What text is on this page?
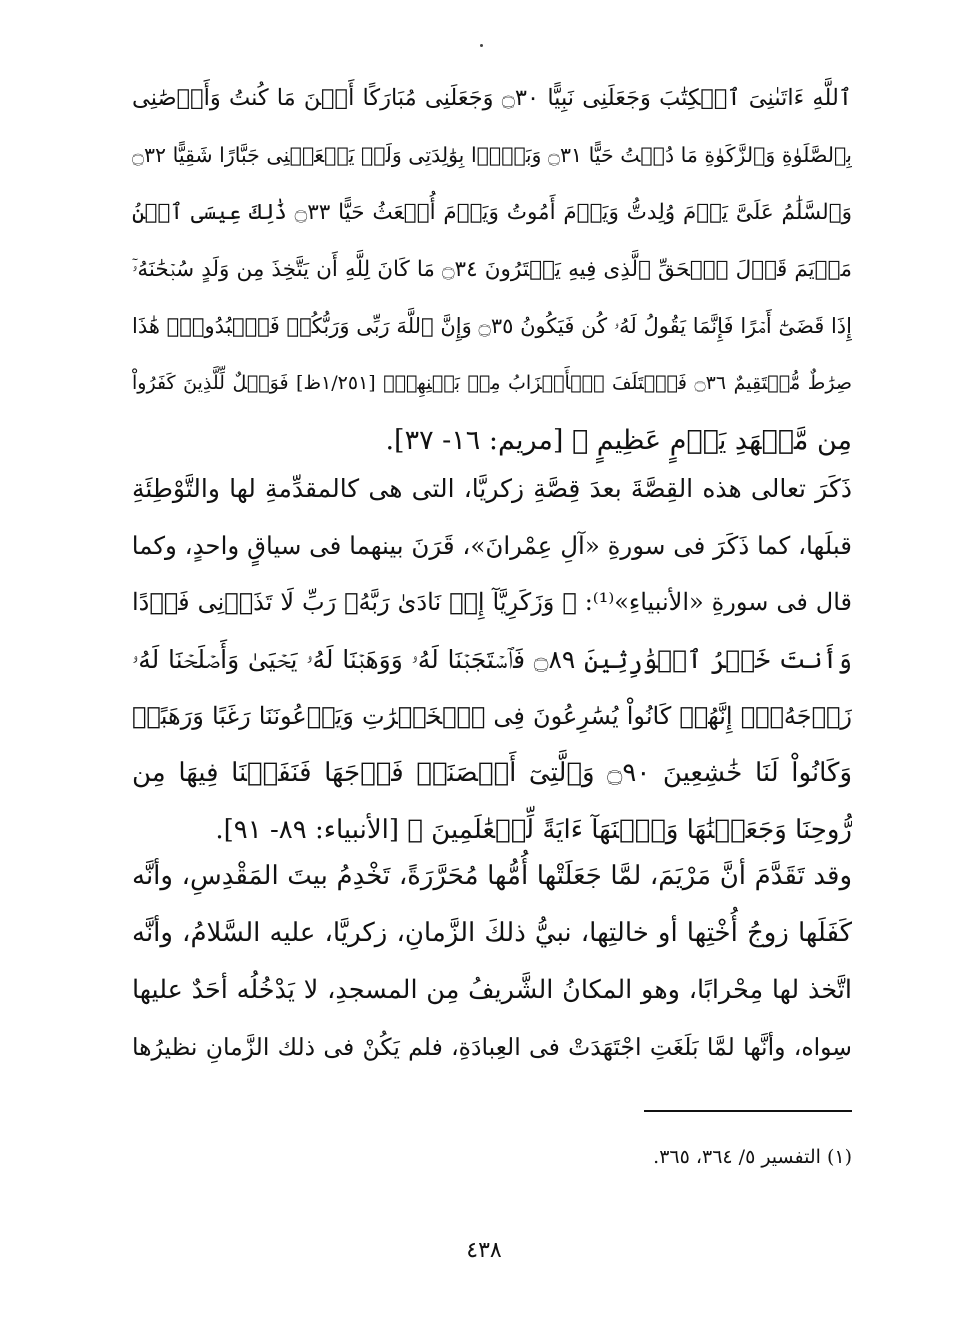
ٱللَّهِ ءَاتَىٰنِىَ ٱلۡكِتَٰبَ وَجَعَلَنِى نَبِيًّا ۝٣٠ وَجَعَلَنِى مُبَارَكًا أَيۡنَ مَا كُنتُ وَأَوۡصَٰنِى
بِٱلصَّلَوٰةِ وَٱلزَّكَوٰةِ مَا دُمۡتُ حَيًّا ۝٣١ وَبَرَّۢا بِوَٰلِدَتِى وَلَمۡ يَجۡعَلۡنِى جَبَّارًا شَقِيًّا ۝٣٢
وَٱلسَّلَٰمُ عَلَىَّ يَوۡمَ وُلِدتُّ وَيَوۡمَ أَمُوتُ وَيَوۡمَ أُبۡعَثُ حَيًّا ۝٣٣ ذَٰلِكَ عِيسَى ٱبۡنُ
مَرۡيَمَ قَوۡلَ ٱلۡحَقِّ ٱلَّذِى فِيهِ يَمۡتَرُونَ ۝٣٤ مَا كَانَ لِلَّهِ أَن يَتَّخِذَ مِن وَلَدٍ سُبۡحَٰنَهُۥٓ
إِذَا قَضَىٰٓ أَمۡرًا فَإِنَّمَا يَقُولُ لَهُۥ كُن فَيَكُونُ ۝٣٥ وَإِنَّ ٱللَّهَ رَبِّى وَرَبُّكُمۡ فَٱعۡبُدُوهُۚ هَٰذَا
صِرَٰطٌ مُّسۡتَقِيمٌ ۝٣٦ فَٱخۡتَلَفَ ٱلۡأَحۡزَابُ مِنۢ بَيۡنِهِمۡۖ [١/٢٥١ظ] فَوَيۡلٌ لِّلَّذِينَ كَفَرُواْ
مِن مَّشۡهَدِ يَوۡمٍ عَظِيمٍ ﴾ [مريم: ١٦- ٣٧].
ذَكَرَ تعالى هذه القِصَّةَ بعدَ قِصَّةِ زكريَّا، التى هى كالمقدِّمةِ لها والتَّوْطِئَةِ
قبلَها، كما ذَكَرَ فى سورةِ «آلِ عِمْرانَ»، قَرَنَ بينهما فى سياقٍ واحدٍ، وكما
قال فى سورةِ «الأنبياءِ»⁽¹⁾: ﴿ وَزَكَرِيَّآ إِذۡ نَادَىٰ رَبَّهُۥ رَبِّ لَا تَذَرۡنِى فَرۡدًا
وَأَنتَ خَيۡرُ ٱلۡوَٰرِثِينَ ۝٨٩ فَٱسۡتَجَبۡنَا لَهُۥ وَوَهَبۡنَا لَهُۥ يَحۡيَىٰ وَأَصۡلَحۡنَا لَهُۥ
زَوۡجَهُۥٓۚ إِنَّهُمۡ كَانُواْ يُسَٰرِعُونَ فِى ٱلۡخَيۡرَٰتِ وَيَدۡعُونَنَا رَغَبًا وَرَهَبًاۖ
وَكَانُواْ لَنَا خَٰشِعِينَ ۝٩٠ وَٱلَّتِىٓ أَحۡصَنَتۡ فَرۡجَهَا فَنَفَخۡنَا فِيهَا مِن
رُّوحِنَا وَجَعَلۡنَٰهَا وَٱبۡنَهَآ ءَايَةً لِّلۡعَٰلَمِينَ ﴾ [الأنبياء: ٨٩- ٩١].
وقد تَقَدَّمَ أنَّ مَرْيَمَ، لمَّا جَعَلَتْها أُمُّها مُحَرَّرَةً، تَخْدِمُ بيتَ المَقْدِسِ، وأنَّه
كَفَلَها زوجُ أُخْتِها أو خالتِها، نبيُّ ذلكَ الزَّمانِ، زكريَّا، عليه السَّلامُ، وأنَّه
اتَّخذ لها مِحْرابًا، وهو المكانُ الشَّريفُ مِن المسجدِ، لا يَدْخُلُه أحَدٌ عليها
سِواه، وأنَّها لمَّا بَلَغَتِ اجْتَهَدَتْ فى العِبادَةِ، فلم يَكُنْ فى ذلك الزَّمانِ نظيرُها
(١) التفسير ٥/ ٣٦٤، ٣٦٥.
٤٣٨
